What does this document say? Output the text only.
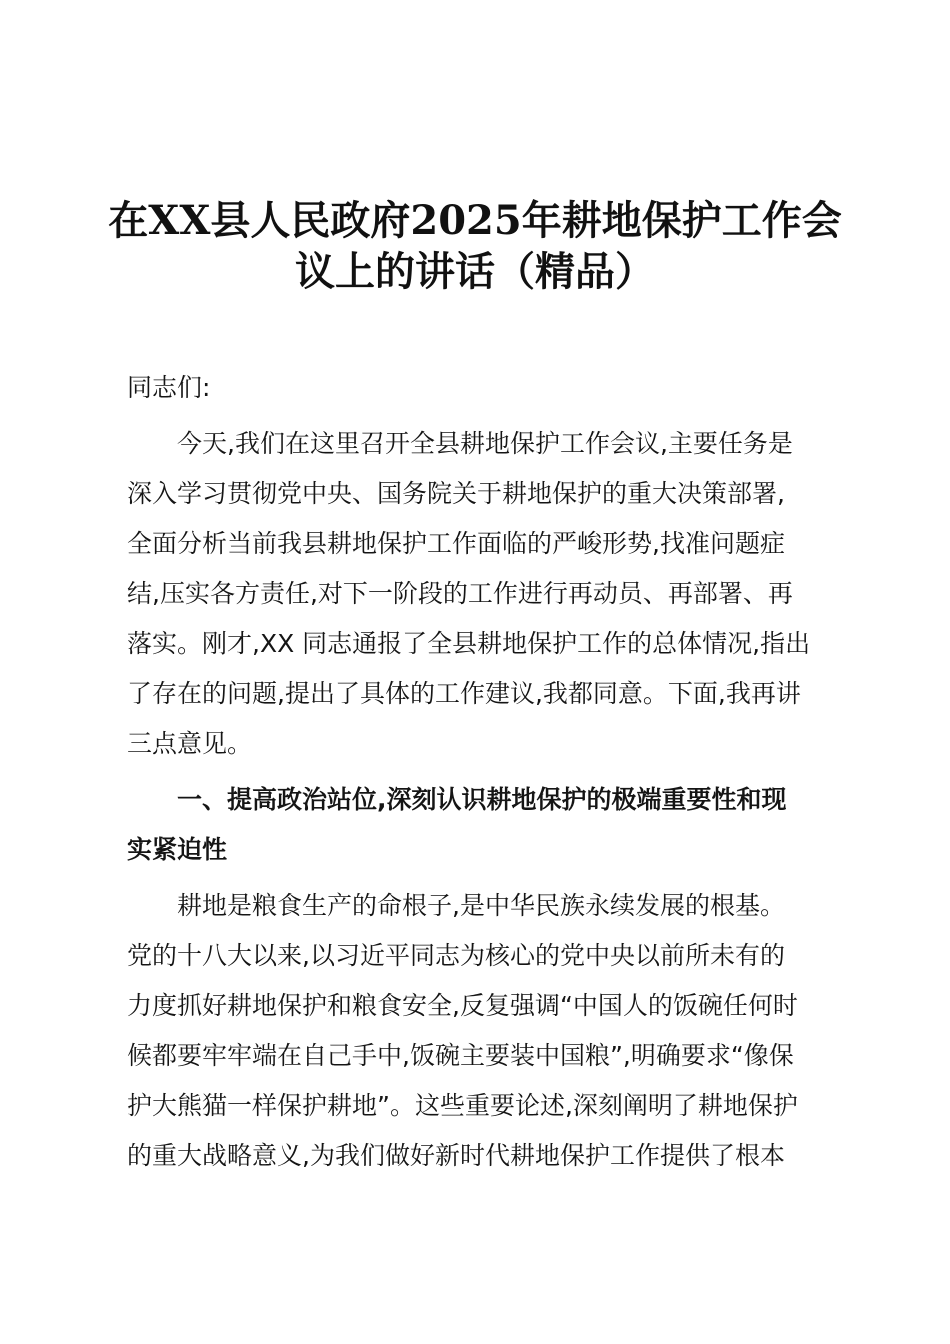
在XX县人民政府2025年耕地保护工作会
议上的讲话（精品）
同志们:
今天,我们在这里召开全县耕地保护工作会议,主要任务是
深入学习贯彻党中央、国务院关于耕地保护的重大决策部署,
全面分析当前我县耕地保护工作面临的严峻形势,找准问题症
结,压实各方责任,对下一阶段的工作进行再动员、再部署、再
落实。刚才,XX 同志通报了全县耕地保护工作的总体情况,指出
了存在的问题,提出了具体的工作建议,我都同意。下面,我再讲
三点意见。
一、提高政治站位,深刻认识耕地保护的极端重要性和现
实紧迫性
耕地是粮食生产的命根子,是中华民族永续发展的根基。
党的十八大以来,以习近平同志为核心的党中央以前所未有的
力度抓好耕地保护和粮食安全,反复强调“中国人的饭碗任何时
候都要牢牢端在自己手中,饭碗主要装中国粮”,明确要求“像保
护大熊猫一样保护耕地”。这些重要论述,深刻阐明了耕地保护
的重大战略意义,为我们做好新时代耕地保护工作提供了根本
